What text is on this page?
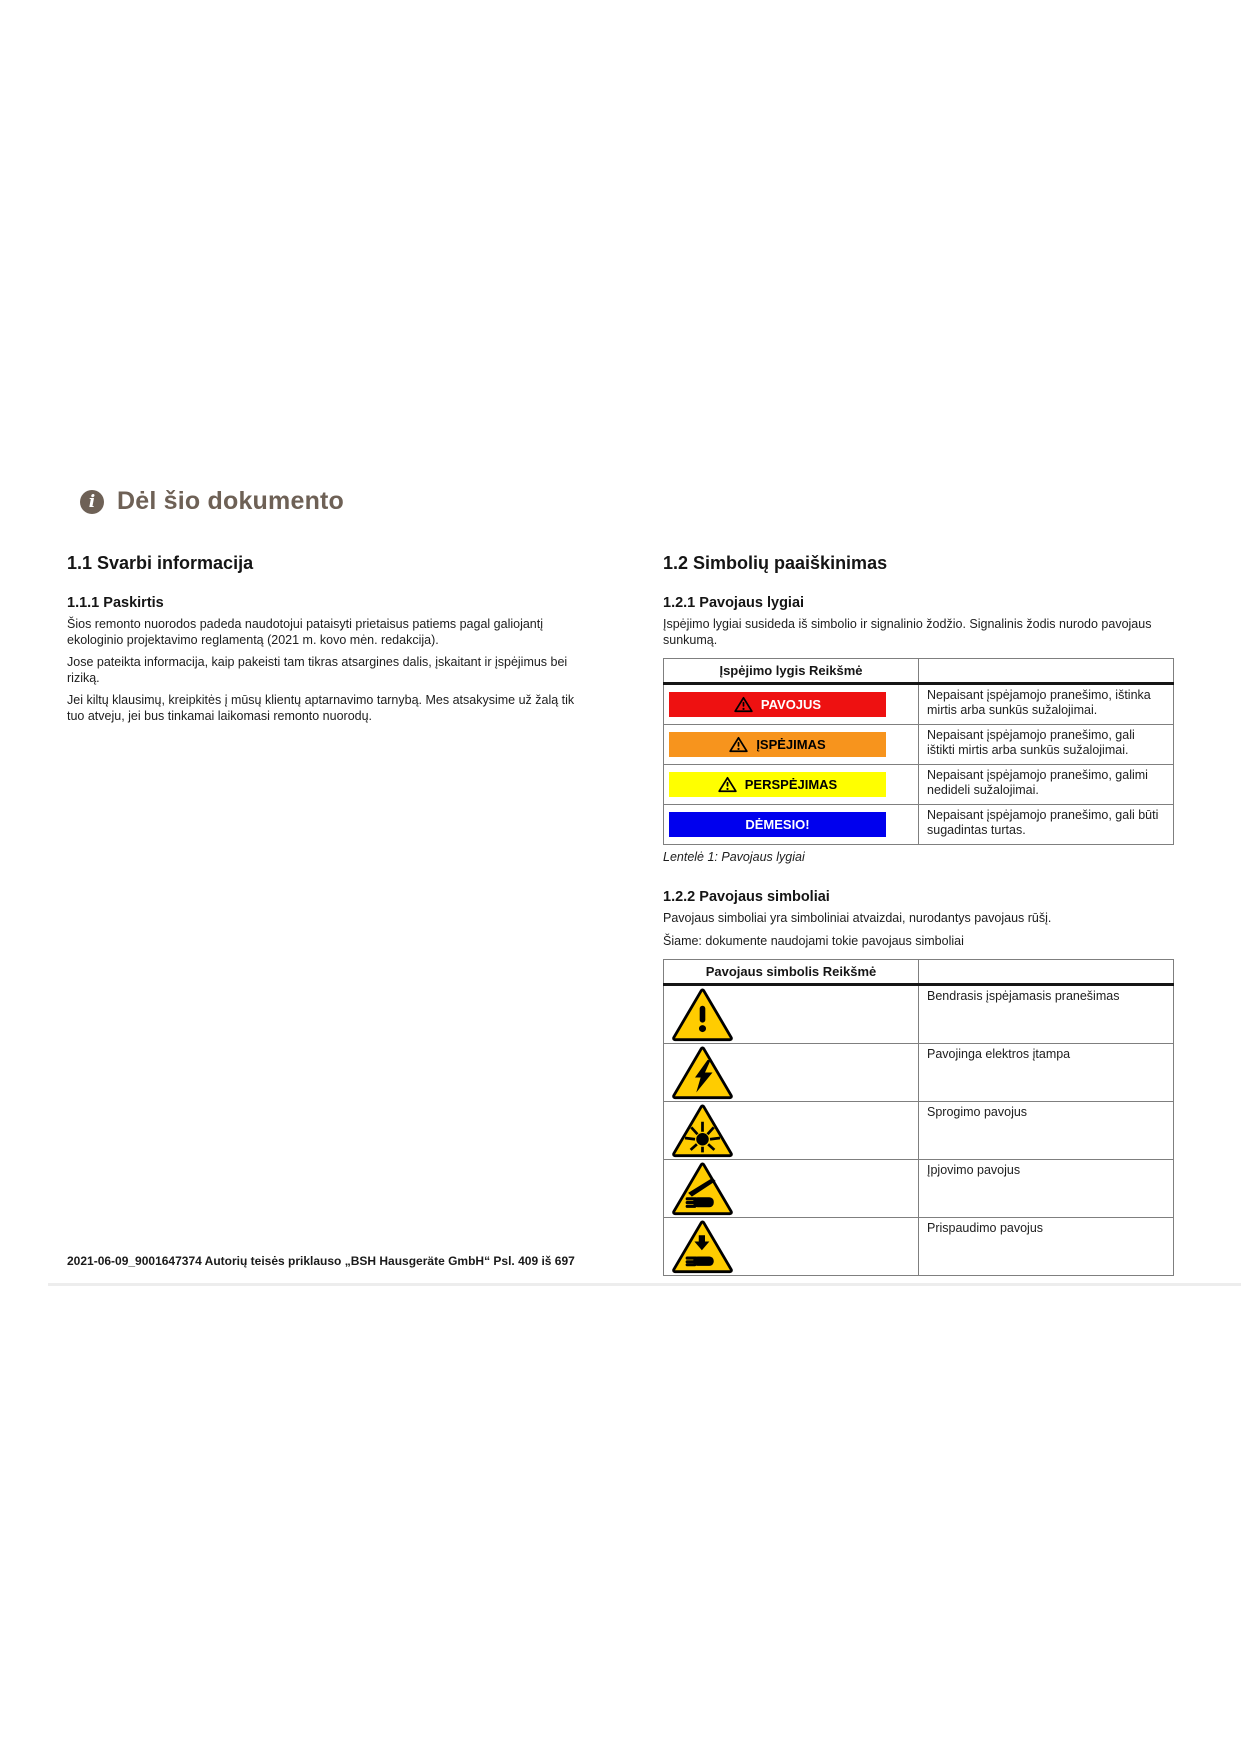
i Dėl šio dokumento
1.1 Svarbi informacija
1.1.1 Paskirtis

Šios remonto nuorodos padeda naudotojui pataisyti prietaisus patiems pagal galiojantį ekologinio projektavimo reglamentą (2021 m. kovo mėn. redakcija).

Jose pateikta informacija, kaip pakeisti tam tikras atsargines dalis, įskaitant ir įspėjimus bei riziką.

Jei kiltų klausimų, kreipkitės į mūsų klientų aptarnavimo tarnybą. Mes atsakysime už žalą tik tuo atveju, jei bus tinkamai laikomasi remonto nuorodų.

1.2 Simbolių paaiškinimas
1.2.1 Pavojaus lygiai

Įspėjimo lygiai susideda iš simbolio ir signalinio žodžio. Signalinis žodis nurodo pavojaus sunkumą.

Įspėjimo lygis Reikšmė	

PAVOJUS	Nepaisant įspėjamojo pranešimo, ištinka mirtis arba sunkūs sužalojimai.

ĮSPĖJIMAS	Nepaisant įspėjamojo pranešimo, gali ištikti mirtis arba sunkūs sužalojimai.

PERSPĖJIMAS	Nepaisant įspėjamojo pranešimo, galimi nedideli sužalojimai.

DĖMESIO!	Nepaisant įspėjamojo pranešimo, gali būti sugadintas turtas.
Lentelė 1: Pavojaus lygiai
1.2.2 Pavojaus simboliai

Pavojaus simboliai yra simboliniai atvaizdai, nurodantys pavojaus rūšį.

Šiame: dokumente naudojami tokie pavojaus simboliai

Pavojaus simbolis Reikšmė	

	Bendrasis įspėjamasis pranešimas

	Pavojinga elektros įtampa

	Sprogimo pavojus

	Įpjovimo pavojus

	Prispaudimo pavojus
2021-06-09_9001647374 Autorių teisės priklauso „BSH Hausgeräte GmbH“ Psl. 409 iš 697
